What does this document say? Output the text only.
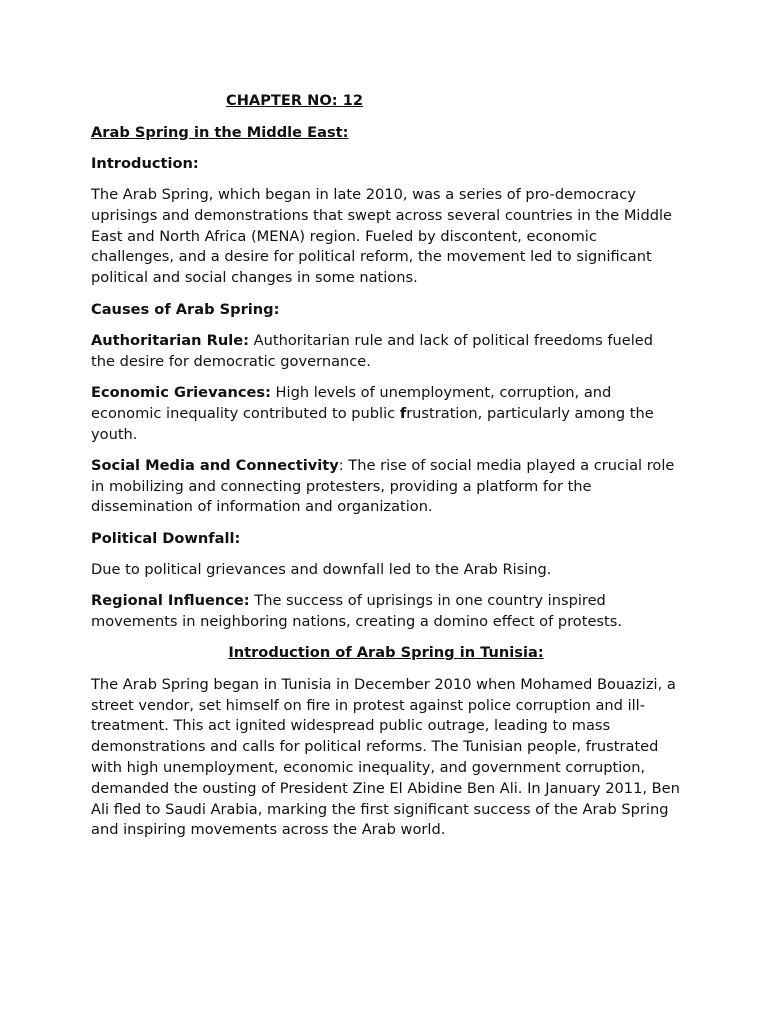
CHAPTER NO: 12

Arab Spring in the Middle East:

Introduction:

The Arab Spring, which began in late 2010, was a series of pro-democracy uprisings and demonstrations that swept across several countries in the Middle East and North Africa (MENA) region. Fueled by discontent, economic challenges, and a desire for political reform, the movement led to significant political and social changes in some nations.

Causes of Arab Spring:

Authoritarian Rule: Authoritarian rule and lack of political freedoms fueled the desire for democratic governance.

Economic Grievances: High levels of unemployment, corruption, and economic inequality contributed to public frustration, particularly among the youth.

Social Media and Connectivity: The rise of social media played a crucial role in mobilizing and connecting protesters, providing a platform for the dissemination of information and organization.

Political Downfall:

Due to political grievances and downfall led to the Arab Rising.

Regional Influence: The success of uprisings in one country inspired movements in neighboring nations, creating a domino effect of protests.

Introduction of Arab Spring in Tunisia:

The Arab Spring began in Tunisia in December 2010 when Mohamed Bouazizi, a street vendor, set himself on fire in protest against police corruption and ill-treatment. This act ignited widespread public outrage, leading to mass demonstrations and calls for political reforms. The Tunisian people, frustrated with high unemployment, economic inequality, and government corruption, demanded the ousting of President Zine El Abidine Ben Ali. In January 2011, Ben Ali fled to Saudi Arabia, marking the first significant success of the Arab Spring and inspiring movements across the Arab world.
